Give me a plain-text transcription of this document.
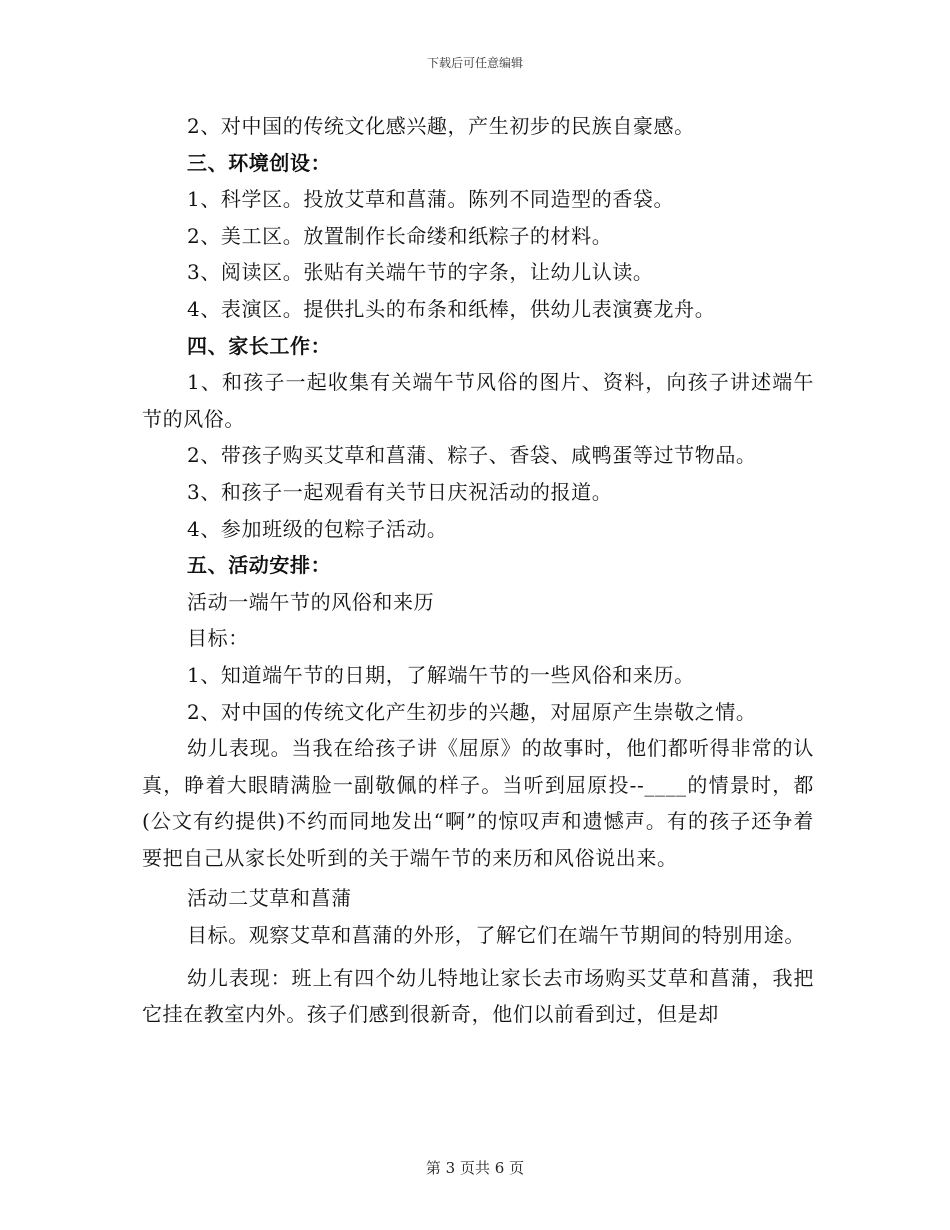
下载后可任意编辑

2、对中国的传统文化感兴趣，产生初步的民族自豪感。

三、环境创设：

1、科学区。投放艾草和菖蒲。陈列不同造型的香袋。

2、美工区。放置制作长命缕和纸粽子的材料。

3、阅读区。张贴有关端午节的字条，让幼儿认读。

4、表演区。提供扎头的布条和纸棒，供幼儿表演赛龙舟。

四、家长工作：

1、和孩子一起收集有关端午节风俗的图片、资料，向孩子讲述端午节的风俗。

2、带孩子购买艾草和菖蒲、粽子、香袋、咸鸭蛋等过节物品。

3、和孩子一起观看有关节日庆祝活动的报道。

4、参加班级的包粽子活动。

五、活动安排：

活动一端午节的风俗和来历

目标：

1、知道端午节的日期，了解端午节的一些风俗和来历。

2、对中国的传统文化产生初步的兴趣，对屈原产生崇敬之情。

幼儿表现。当我在给孩子讲《屈原》的故事时，他们都听得非常的认真，睁着大眼睛满脸一副敬佩的样子。当听到屈原投--____的情景时，都(公文有约提供)不约而同地发出“啊”的惊叹声和遗憾声。有的孩子还争着要把自己从家长处听到的关于端午节的来历和风俗说出来。

活动二艾草和菖蒲

目标。观察艾草和菖蒲的外形，了解它们在端午节期间的特别用途。

幼儿表现：班上有四个幼儿特地让家长去市场购买艾草和菖蒲，我把它挂在教室内外。孩子们感到很新奇，他们以前看到过，但是却

第 3 页共 6 页
